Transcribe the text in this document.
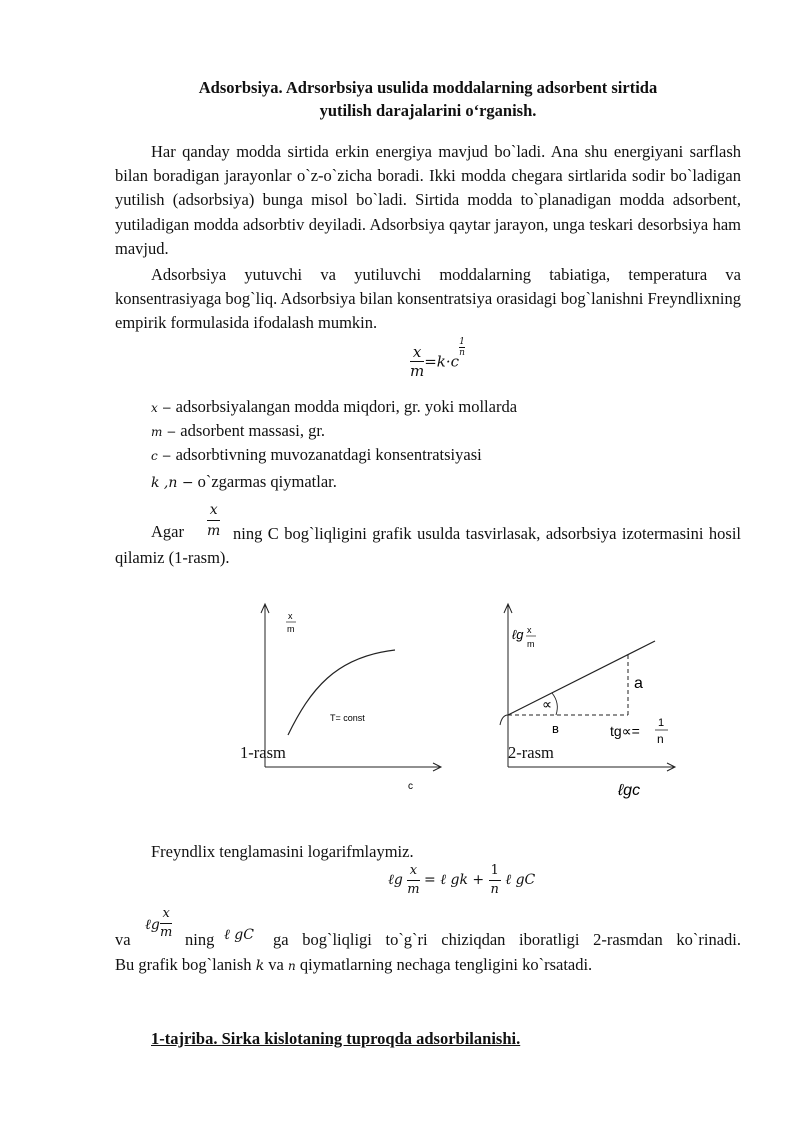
Adsorbsiya. Adrsorbsiya usulida moddalarning adsorbent sirtida
yutilish darajalarini o‘rganish.

Har qanday modda sirtida erkin energiya mavjud bo`ladi. Ana shu energiyani sarflash bilan boradigan jarayonlar o`z-o`zicha boradi. Ikki modda chegara sirtlarida sodir bo`ladigan yutilish (adsorbsiya) bunga misol bo`ladi. Sirtida modda to`planadigan modda adsorbent, yutiladigan modda adsorbtiv deyiladi. Adsorbsiya qaytar jarayon, unga teskari desorbsiya ham mavjud.

Adsorbsiya yutuvchi va yutiluvchi moddalarning tabiatiga, temperatura va konsentrasiyaga bog`liq. Adsorbsiya bilan konsentratsiya orasidagi bog`lanishni Freyndlixning empirik formulasida ifodalash mumkin.

$\frac{x}{m} =k\cdot c$
$\frac{1}{n}$
x − adsorbsiyalangan modda miqdori, gr. yoki mollarda
m − adsorbent massasi, gr.
c − adsorbtivning muvozanatdagi konsentratsiyasi
k ,n − o`zgarmas qiymatlar.
Agar
x
m ning C bog`liqligini grafik usulda tasvirlasak, adsorbsiya izotermasini hosil qilamiz (1-rasm).

x
m
T= const
c
ℓg x
m
∝
в
a
tg∝= 1
n
ℓgc
1-rasm	2-rasm
Freyndlix tenglamasini logarifmlaymiz.
ℓg $\frac{x}{m}$ = ℓ gk + $\frac{1}{n}$ ℓ gC
va
ℓg
x
m ning ℓ gC ga bog`liqligi to`g`ri chiziqdan iboratligi 2-rasmdan ko`rinadi.
Bu grafik bog`lanish k va n qiymatlarning nechaga tengligini ko`rsatadi.
1-tajriba. Sirka kislotaning tuproqda adsorbilanishi.
